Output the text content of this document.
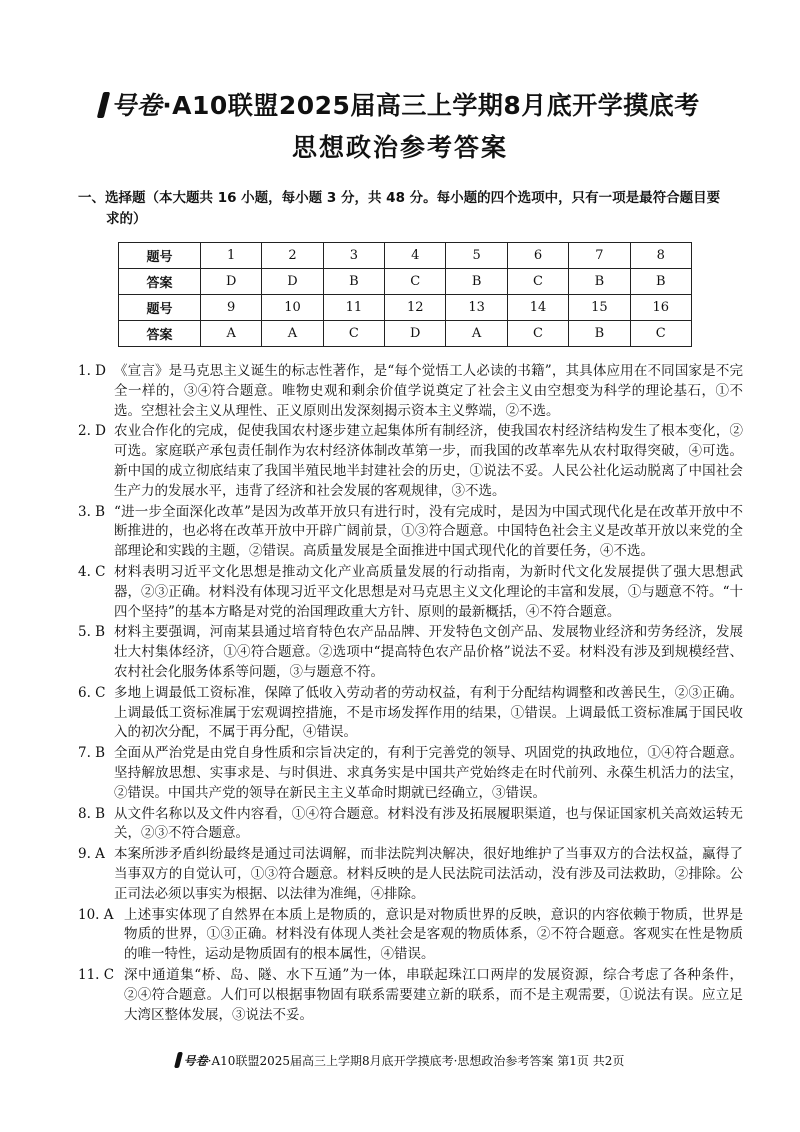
号卷·A10联盟2025届高三上学期8月底开学摸底考
思想政治参考答案
一、选择题（本大题共 16 小题，每小题 3 分，共 48 分。每小题的四个选项中，只有一项是最符合题目要
求的）
题号	1	2	3	4	5	6	7	8
答案	D	D	B	C	B	C	B	B
题号	9	10	11	12	13	14	15	16
答案	A	A	C	D	A	C	B	C
1. D 《宣言》是马克思主义诞生的标志性著作，是“每个觉悟工人必读的书籍”，其具体应用在不同国家是不完全一样的，③④符合题意。唯物史观和剩余价值学说奠定了社会主义由空想变为科学的理论基石，①不选。空想社会主义从理性、正义原则出发深刻揭示资本主义弊端，②不选。
2. D 农业合作化的完成，促使我国农村逐步建立起集体所有制经济，使我国农村经济结构发生了根本变化，②可选。家庭联产承包责任制作为农村经济体制改革第一步，而我国的改革率先从农村取得突破，④可选。新中国的成立彻底结束了我国半殖民地半封建社会的历史，①说法不妥。人民公社化运动脱离了中国社会生产力的发展水平，违背了经济和社会发展的客观规律，③不选。
3. B “进一步全面深化改革”是因为改革开放只有进行时，没有完成时，是因为中国式现代化是在改革开放中不断推进的，也必将在改革开放中开辟广阔前景，①③符合题意。中国特色社会主义是改革开放以来党的全部理论和实践的主题，②错误。高质量发展是全面推进中国式现代化的首要任务，④不选。
4. C 材料表明习近平文化思想是推动文化产业高质量发展的行动指南，为新时代文化发展提供了强大思想武器，②③正确。材料没有体现习近平文化思想是对马克思主义文化理论的丰富和发展，①与题意不符。“十四个坚持”的基本方略是对党的治国理政重大方针、原则的最新概括，④不符合题意。
5. B 材料主要强调，河南某县通过培育特色农产品品牌、开发特色文创产品、发展物业经济和劳务经济，发展壮大村集体经济，①④符合题意。②选项中“提高特色农产品价格”说法不妥。材料没有涉及到规模经营、农村社会化服务体系等问题，③与题意不符。
6. C 多地上调最低工资标准，保障了低收入劳动者的劳动权益，有利于分配结构调整和改善民生，②③正确。上调最低工资标准属于宏观调控措施，不是市场发挥作用的结果，①错误。上调最低工资标准属于国民收入的初次分配，不属于再分配，④错误。
7. B 全面从严治党是由党自身性质和宗旨决定的，有利于完善党的领导、巩固党的执政地位，①④符合题意。坚持解放思想、实事求是、与时俱进、求真务实是中国共产党始终走在时代前列、永葆生机活力的法宝，②错误。中国共产党的领导在新民主主义革命时期就已经确立，③错误。
8. B 从文件名称以及文件内容看，①④符合题意。材料没有涉及拓展履职渠道，也与保证国家机关高效运转无关，②③不符合题意。
9. A 本案所涉矛盾纠纷最终是通过司法调解，而非法院判决解决，很好地维护了当事双方的合法权益，赢得了当事双方的自觉认可，①③符合题意。材料反映的是人民法院司法活动，没有涉及司法救助，②排除。公正司法必须以事实为根据、以法律为准绳，④排除。
10. A 上述事实体现了自然界在本质上是物质的，意识是对物质世界的反映，意识的内容依赖于物质，世界是物质的世界，①③正确。材料没有体现人类社会是客观的物质体系，②不符合题意。客观实在性是物质的唯一特性，运动是物质固有的根本属性，④错误。
11. C 深中通道集“桥、岛、隧、水下互通”为一体，串联起珠江口两岸的发展资源，综合考虑了各种条件，②④符合题意。人们可以根据事物固有联系需要建立新的联系，而不是主观需要，①说法有误。应立足大湾区整体发展，③说法不妥。
号卷·A10联盟2025届高三上学期8月底开学摸底考·思想政治参考答案 第1页 共2页
